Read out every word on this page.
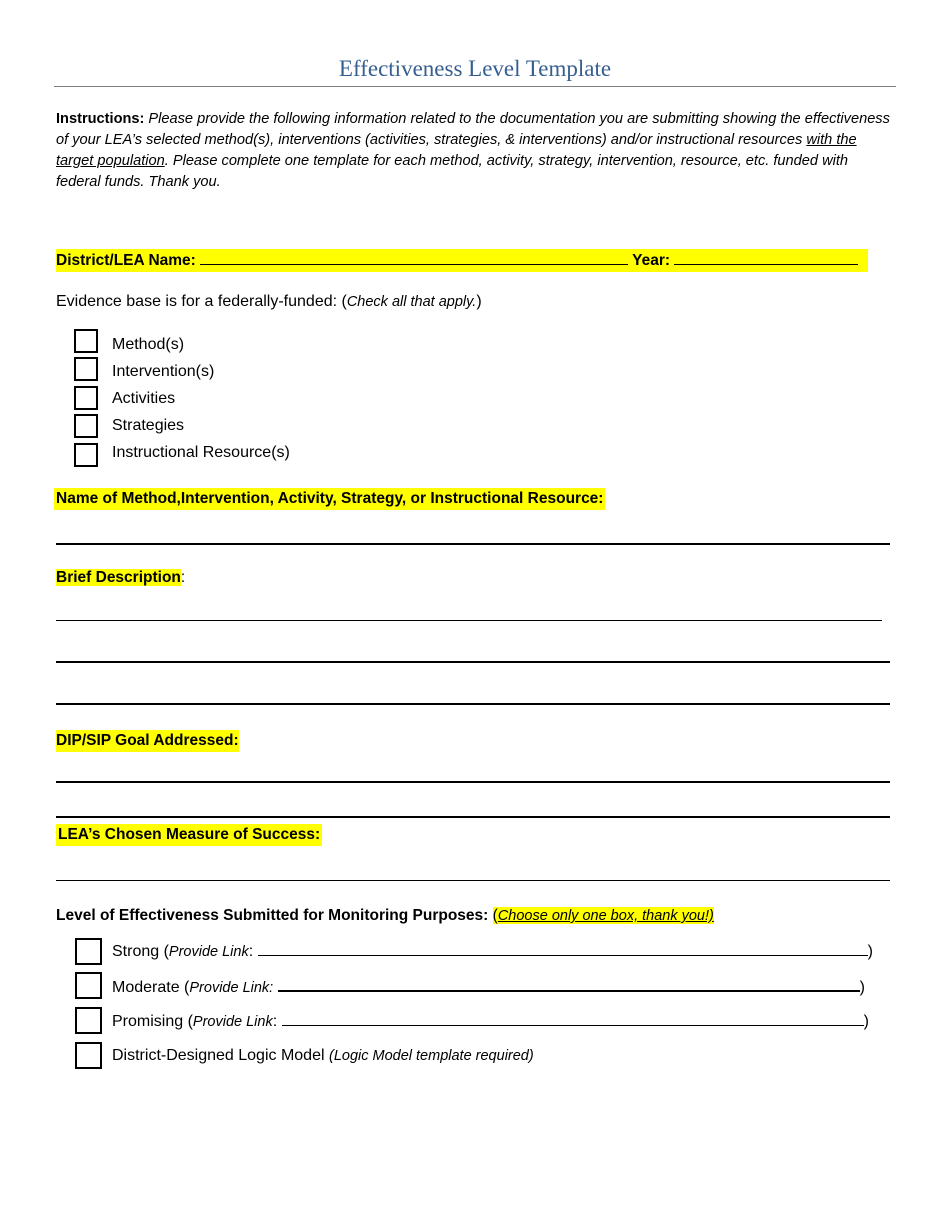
Effectiveness Level Template
Instructions: Please provide the following information related to the documentation you are submitting showing the effectiveness of your LEA’s selected method(s), interventions (activities, strategies, & interventions) and/or instructional resources with the target population. Please complete one template for each method, activity, strategy, intervention, resource, etc. funded with federal funds. Thank you.
District/LEA Name:	Year:
Evidence base is for a federally-funded: (Check all that apply.)
Method(s)
Intervention(s)
Activities
Strategies
Instructional Resource(s)
Name of Method,Intervention, Activity, Strategy, or Instructional Resource:
Brief Description:
DIP/SIP Goal Addressed:
LEA’s Chosen Measure of Success:
Level of Effectiveness Submitted for Monitoring Purposes: (Choose only one box, thank you!)
Strong (Provide Link:	)
Moderate (Provide Link:	)
Promising (Provide Link:	)
District-Designed Logic Model (Logic Model template required)
